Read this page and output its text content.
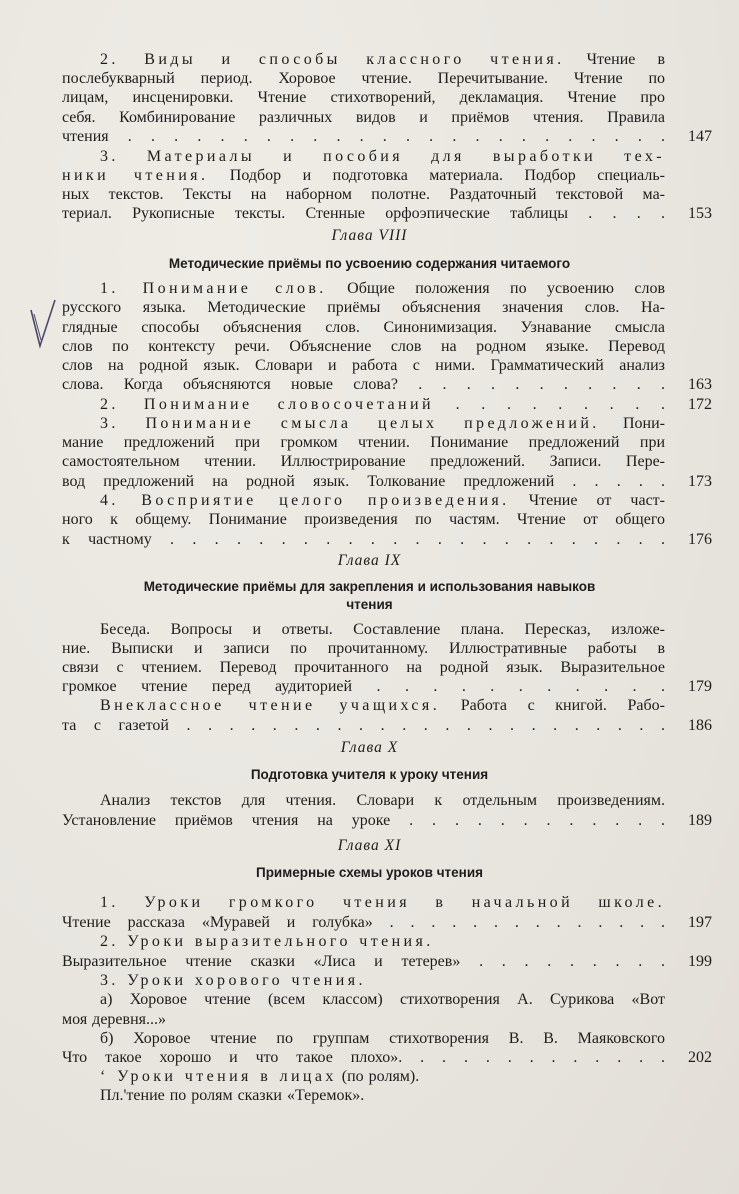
2. Виды и способы классного чтения. Чтение в
послебукварный период. Хоровое чтение. Перечитывание. Чтение по
лицам, инсценировки. Чтение стихотворений, декламация. Чтение про
себя. Комбинирование различных видов и приёмов чтения. Правила
чтения . . . . . . . . . . . . . . . . . . . . . . . . 147
3. Материалы и пособия для выработки тех-
ники чтения. Подбор и подготовка материала. Подбор специаль-
ных текстов. Тексты на наборном полотне. Раздаточный текстовой ма-
териал. Рукописные тексты. Стенные орфоэпические таблицы . . . . 153
Глава VIII
Методические приёмы по усвоению содержания читаемого
1. Понимание слов. Общие положения по усвоению слов
русского языка. Методические приёмы объяснения значения слов. На-
глядные способы объяснения слов. Синонимизация. Узнавание смысла
слов по контексту речи. Объяснение слов на родном языке. Перевод
слов на родной язык. Словари и работа с ними. Грамматический анализ
слова. Когда объясняются новые слова? . . . . . . . . . . . 163
2. Понимание словосочетаний . . . . . . . . . 172
3. Понимание смысла целых предложений. Пони-
мание предложений при громком чтении. Понимание предложений при
самостоятельном чтении. Иллюстрирование предложений. Записи. Пере-
вод предложений на родной язык. Толкование предложений . . . . . 173
4. Восприятие целого произведения. Чтение от част-
ного к общему. Понимание произведения по частям. Чтение от общего
к частному . . . . . . . . . . . . . . . . . . . . . . . 176
Глава IX
Методические приёмы для закрепления и использования навыков
чтения
Беседа. Вопросы и ответы. Составление плана. Пересказ, изложе-
ние. Выписки и записи по прочитанному. Иллюстративные работы в
связи с чтением. Перевод прочитанного на родной язык. Выразительное
громкое чтение перед аудиторией . . . . . . . . . . . 179
Внеклассное чтение учащихся. Работа с книгой. Рабо-
та с газетой . . . . . . . . . . . . . . . . . . . . . . . 186
Глава X
Подготовка учителя к уроку чтения
Анализ текстов для чтения. Словари к отдельным произведениям.
Установление приёмов чтения на уроке . . . . . . . . . . . . 189
Глава XI
Примерные схемы уроков чтения
1. Уроки громкого чтения в начальной школе.
Чтение рассказа «Муравей и голубка» . . . . . . . . . . . . . . 197
2. Уроки выразительного чтения.
Выразительное чтение сказки «Лиса и тетерев» . . . . . . . . . 199
3. Уроки хорового чтения.
а) Хоровое чтение (всем классом) стихотворения А. Сурикова «Вот
моя деревня...»
б) Хоровое чтение по группам стихотворения В. В. Маяковского
Что такое хорошо и что такое плохо». . . . . . . . . . . . . 202
‘ Уроки чтения в лицах (по ролям).
Пл.'тение по ролям сказки «Теремок».
